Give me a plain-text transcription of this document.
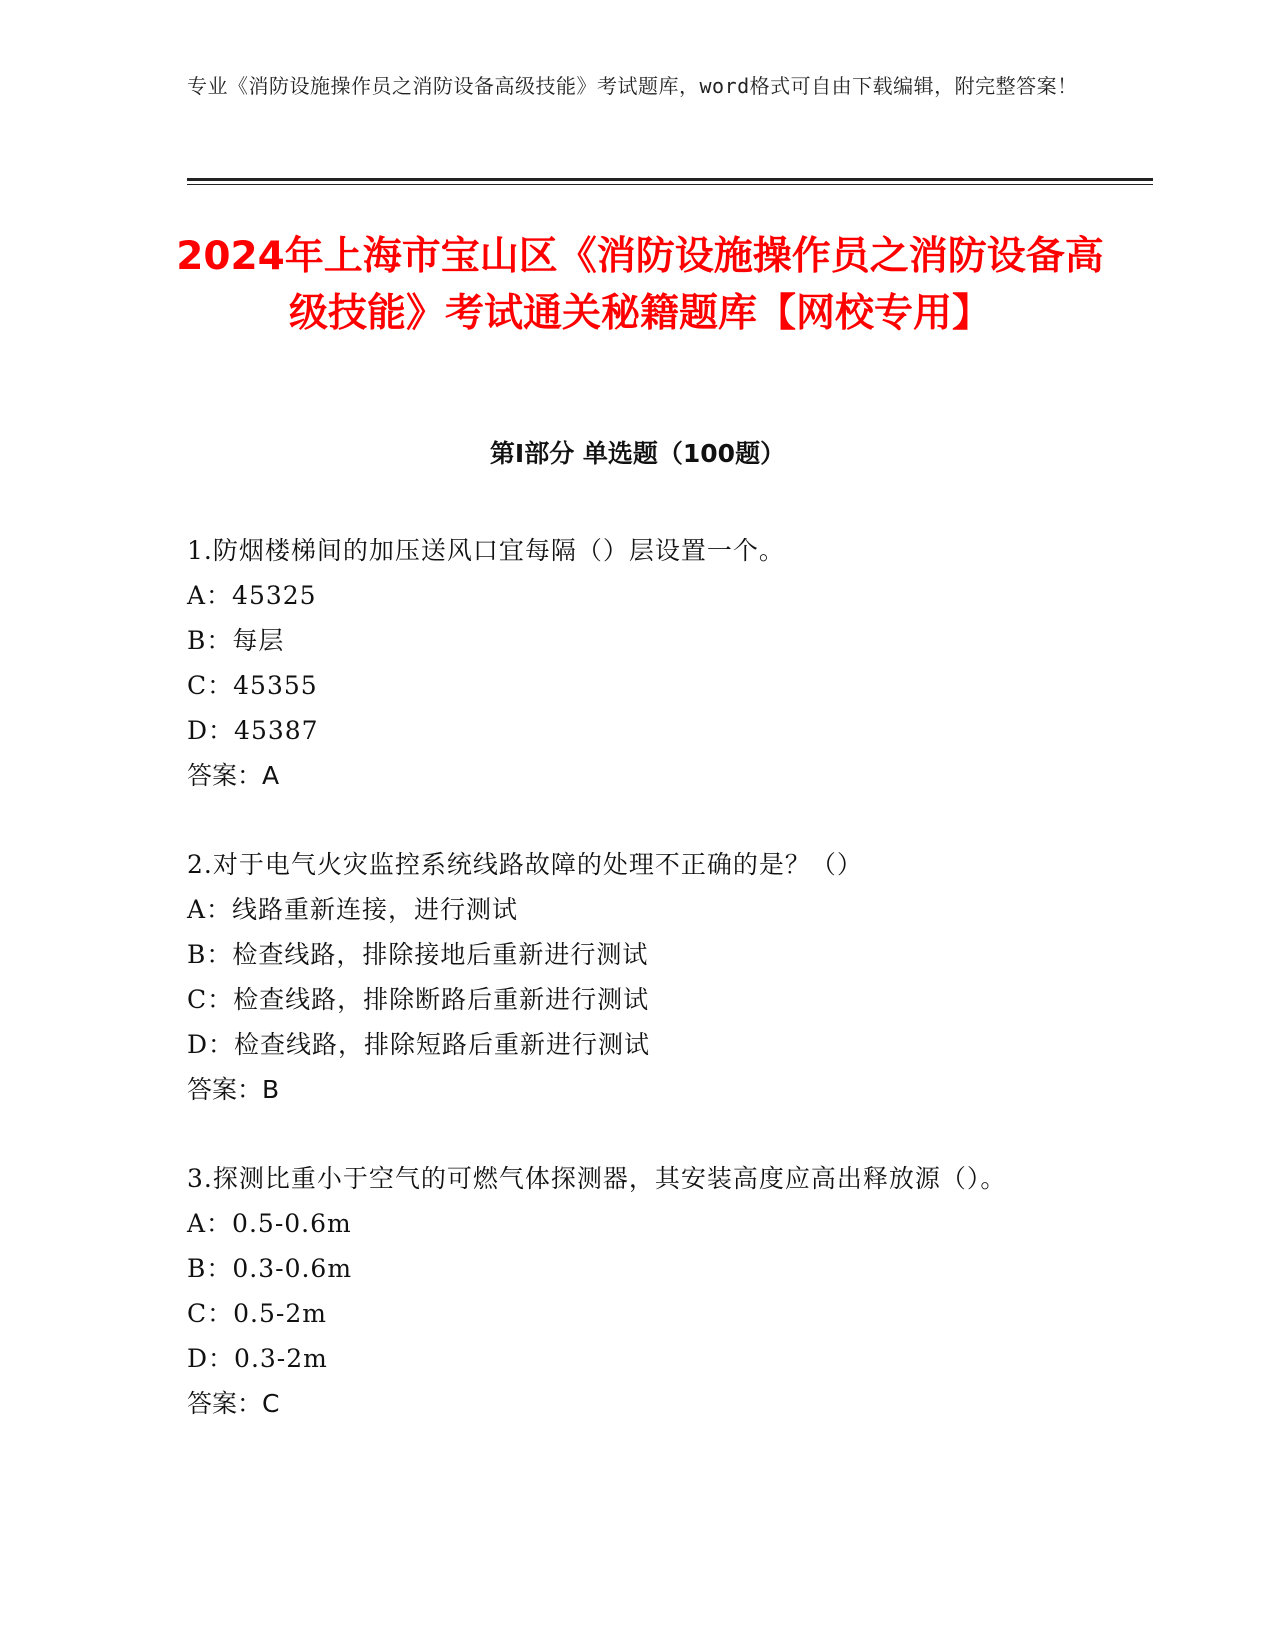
专业《消防设施操作员之消防设备高级技能》考试题库，word格式可自由下载编辑，附完整答案！
2024年上海市宝山区《消防设施操作员之消防设备高级技能》考试通关秘籍题库【网校专用】
第I部分 单选题（100题）
1.防烟楼梯间的加压送风口宜每隔（）层设置一个。
A：45325
B：每层
C：45355
D：45387
答案：A
2.对于电气火灾监控系统线路故障的处理不正确的是？（）
A：线路重新连接，进行测试
B：检查线路，排除接地后重新进行测试
C：检查线路，排除断路后重新进行测试
D：检查线路，排除短路后重新进行测试
答案：B
3.探测比重小于空气的可燃气体探测器，其安装高度应高出释放源（）。
A：0.5-0.6m
B：0.3-0.6m
C：0.5-2m
D：0.3-2m
答案：C
